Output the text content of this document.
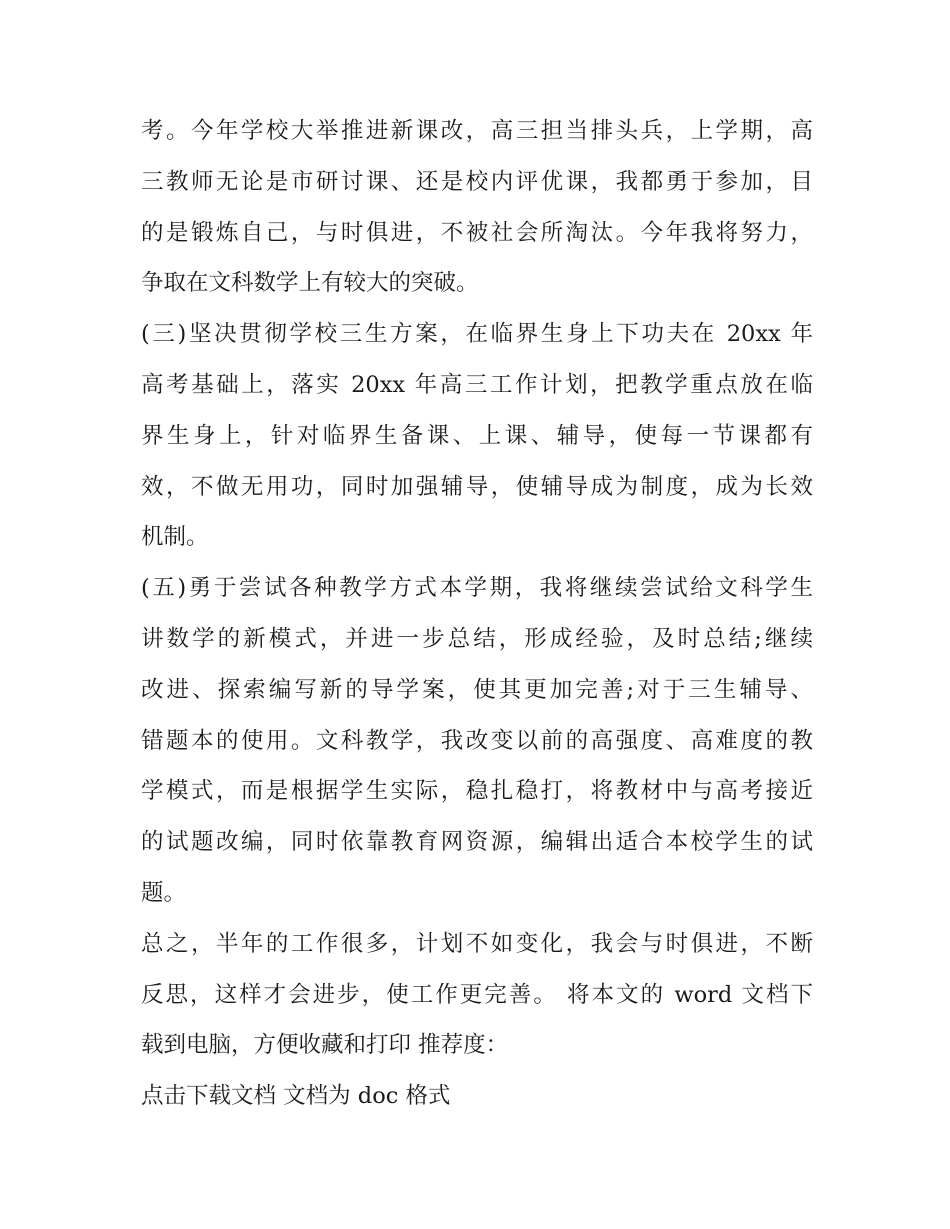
考。今年学校大举推进新课改，高三担当排头兵，上学期，高
三教师无论是市研讨课、还是校内评优课，我都勇于参加，目
的是锻炼自己，与时俱进，不被社会所淘汰。今年我将努力，
争取在文科数学上有较大的突破。
(三)坚决贯彻学校三生方案，在临界生身上下功夫在 20xx 年
高考基础上，落实 20xx 年高三工作计划，把教学重点放在临
界生身上，针对临界生备课、上课、辅导，使每一节课都有
效，不做无用功，同时加强辅导，使辅导成为制度，成为长效
机制。
(五)勇于尝试各种教学方式本学期，我将继续尝试给文科学生
讲数学的新模式，并进一步总结，形成经验，及时总结;继续
改进、探索编写新的导学案，使其更加完善;对于三生辅导、
错题本的使用。文科教学，我改变以前的高强度、高难度的教
学模式，而是根据学生实际，稳扎稳打，将教材中与高考接近
的试题改编，同时依靠教育网资源，编辑出适合本校学生的试
题。
总之，半年的工作很多，计划不如变化，我会与时俱进，不断
反思，这样才会进步，使工作更完善。 将本文的 word 文档下
载到电脑，方便收藏和打印 推荐度：
点击下载文档 文档为 doc 格式
